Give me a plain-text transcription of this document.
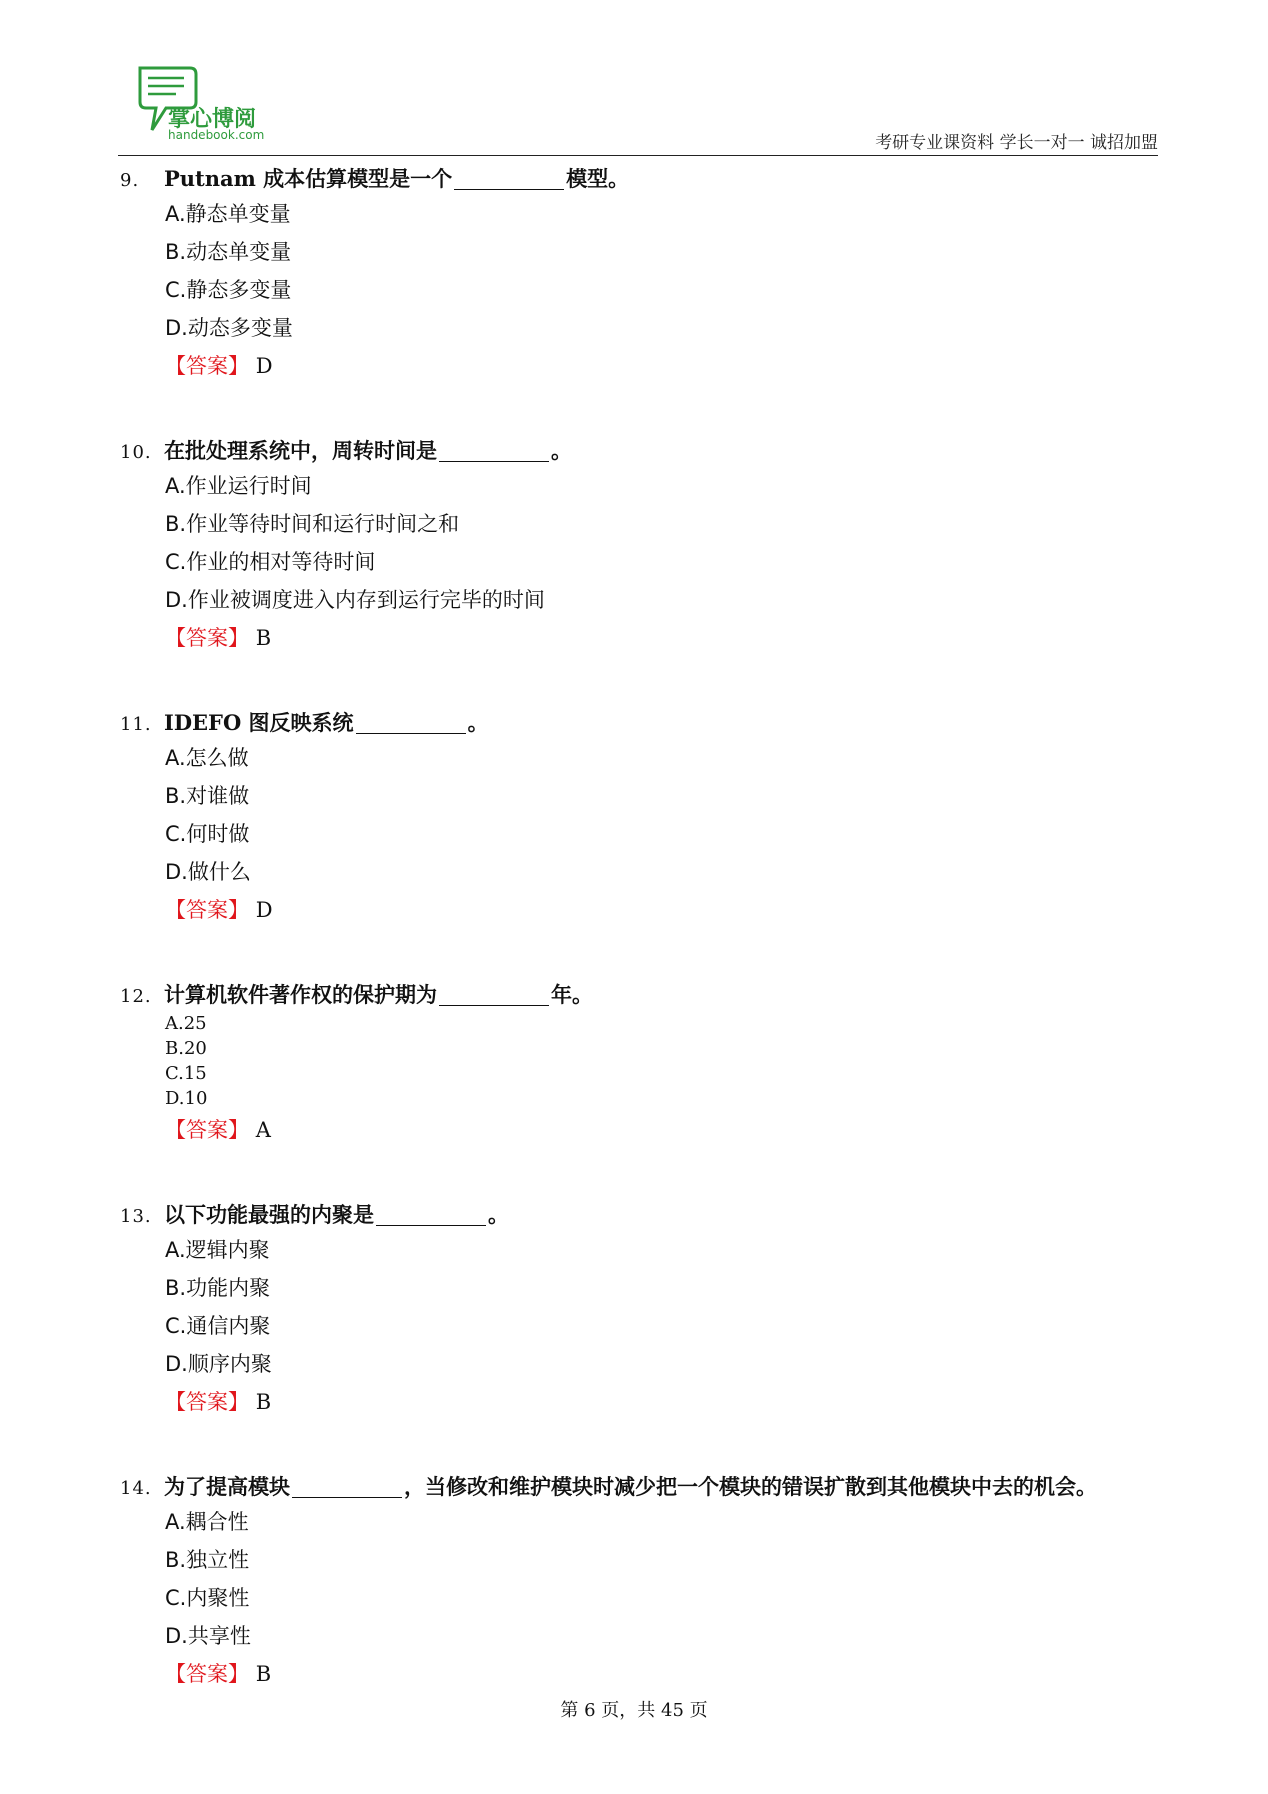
掌心博阅
handebook.com	考研专业课资料 学长一对一 诚招加盟
9. Putnam 成本估算模型是一个	模型。
A.静态单变量
B.动态单变量
C.静态多变量
D.动态多变量
【答案】 D
10. 在批处理系统中，周转时间是	。
A.作业运行时间
B.作业等待时间和运行时间之和
C.作业的相对等待时间
D.作业被调度进入内存到运行完毕的时间
【答案】 B
11. IDEFO 图反映系统	。
A.怎么做
B.对谁做
C.何时做
D.做什么
【答案】 D
12. 计算机软件著作权的保护期为	年。
A.25
B.20
C.15
D.10
【答案】 A
13. 以下功能最强的内聚是	。
A.逻辑内聚
B.功能内聚
C.通信内聚
D.顺序内聚
【答案】 B
14. 为了提高模块	，当修改和维护模块时减少把一个模块的错误扩散到其他模块中去的机会。
A.耦合性
B.独立性
C.内聚性
D.共享性
【答案】 B
第 6 页，共 45 页
